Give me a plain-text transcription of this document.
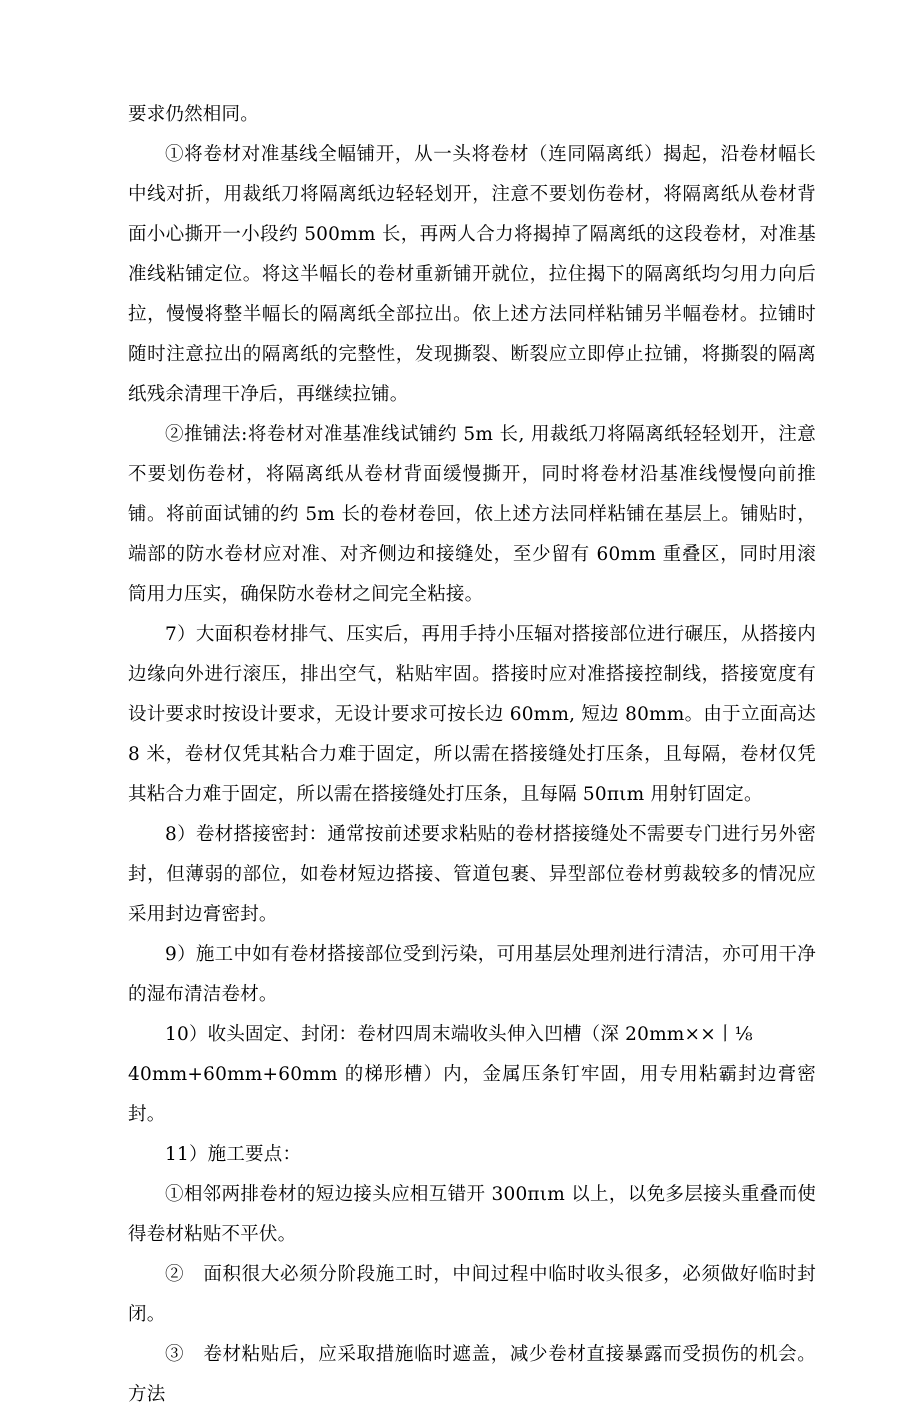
要求仍然相同。

①将卷材对准基线全幅铺开，从一头将卷材（连同隔离纸）揭起，沿卷材幅长中线对折，用裁纸刀将隔离纸边轻轻划开，注意不要划伤卷材，将隔离纸从卷材背面小心撕开一小段约 500mm 长，再两人合力将揭掉了隔离纸的这段卷材，对准基准线粘铺定位。将这半幅长的卷材重新铺开就位，拉住揭下的隔离纸均匀用力向后拉，慢慢将整半幅长的隔离纸全部拉出。依上述方法同样粘铺另半幅卷材。拉铺时随时注意拉出的隔离纸的完整性，发现撕裂、断裂应立即停止拉铺，将撕裂的隔离纸残余清理干净后，再继续拉铺。

②推铺法:将卷材对准基准线试铺约 5m 长, 用裁纸刀将隔离纸轻轻划开，注意不要划伤卷材，将隔离纸从卷材背面缓慢撕开，同时将卷材沿基准线慢慢向前推铺。将前面试铺的约 5m 长的卷材卷回，依上述方法同样粘铺在基层上。铺贴时，端部的防水卷材应对准、对齐侧边和接缝处，至少留有 60mm 重叠区，同时用滚筒用力压实，确保防水卷材之间完全粘接。

7）大面积卷材排气、压实后，再用手持小压辐对搭接部位进行碾压，从搭接内边缘向外进行滚压，排出空气，粘贴牢固。搭接时应对准搭接控制线，搭接宽度有设计要求时按设计要求，无设计要求可按长边 60mm, 短边 80mm。由于立面高达 8 米，卷材仅凭其粘合力难于固定，所以需在搭接缝处打压条，且每隔，卷材仅凭其粘合力难于固定，所以需在搭接缝处打压条，且每隔 50πιm 用射钉固定。

8）卷材搭接密封：通常按前述要求粘贴的卷材搭接缝处不需要专门进行另外密封，但薄弱的部位，如卷材短边搭接、管道包裹、异型部位卷材剪裁较多的情况应采用封边膏密封。

9）施工中如有卷材搭接部位受到污染，可用基层处理剂进行清洁，亦可用干净的湿布清洁卷材。

10）收头固定、封闭：卷材四周末端收头伸入凹槽（深 20mm××丨⅛

40mm+60mm+60mm 的梯形槽）内，金属压条钉牢固，用专用粘霸封边膏密封。

11）施工要点：

①相邻两排卷材的短边接头应相互错开 300πιm 以上，以免多层接头重叠而使得卷材粘贴不平伏。

②　面积很大必须分阶段施工时，中间过程中临时收头很多，必须做好临时封闭。

③　卷材粘贴后，应采取措施临时遮盖，减少卷材直接暴露而受损伤的机会。方法
